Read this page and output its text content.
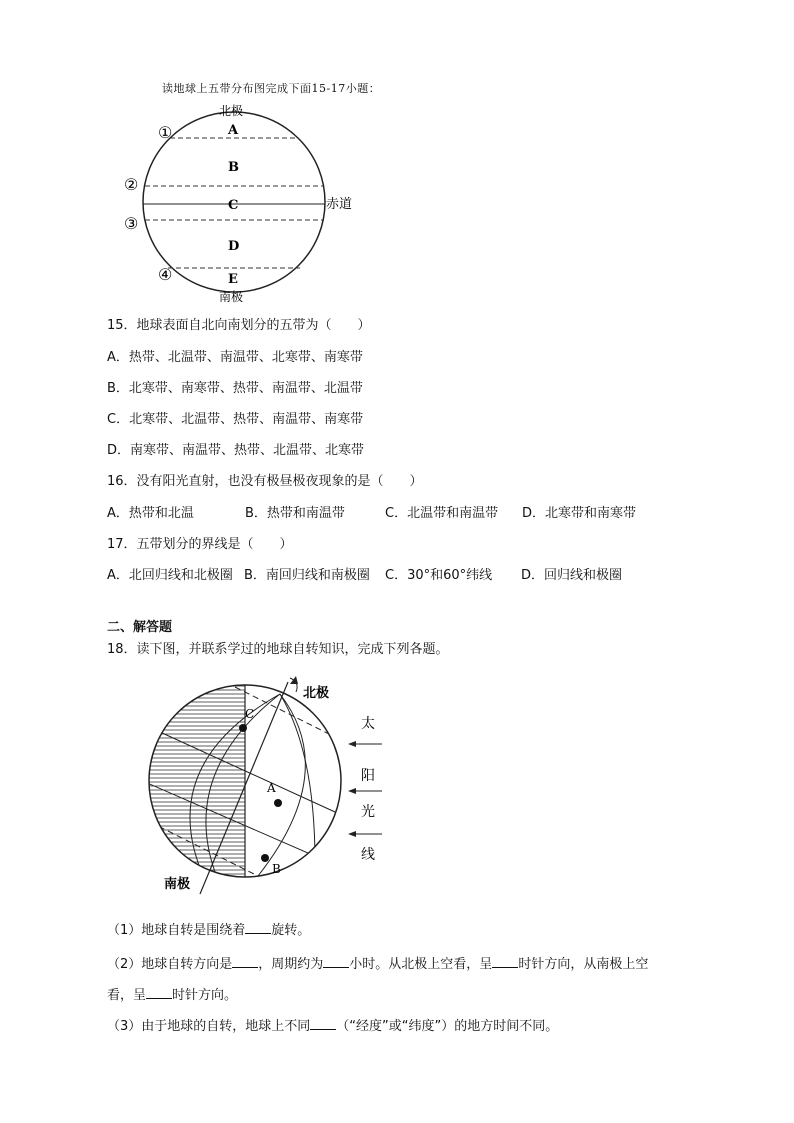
读地球上五带分布图完成下面15-17小题：
北极
南极
赤道
A
B
C
D
E
①
②
③
④
15．地球表面自北向南划分的五带为（　　）
A．热带、北温带、南温带、北寒带、南寒带
B．北寒带、南寒带、热带、南温带、北温带
C．北寒带、北温带、热带、南温带、南寒带
D．南寒带、南温带、热带、北温带、北寒带
16．没有阳光直射，也没有极昼极夜现象的是（　　）
A．热带和北温	B．热带和南温带	C．北温带和南温带 D．北寒带和南寒带
17．五带划分的界线是（　　）
A．北回归线和北极圈 B．南回归线和南极圈 C．30°和60°纬线 D．回归线和极圈
二、解答题
18．读下图，并联系学过的地球自转知识，完成下列各题。
C
A
B
北极
南极
太
阳
光
线
（1）地球自转是围绕着 旋转。
（2）地球自转方向是 ，周期约为 小时。从北极上空看，呈 时针方向，从南极上空
看，呈 时针方向。
（3）由于地球的自转，地球上不同 （“经度”或“纬度”）的地方时间不同。
